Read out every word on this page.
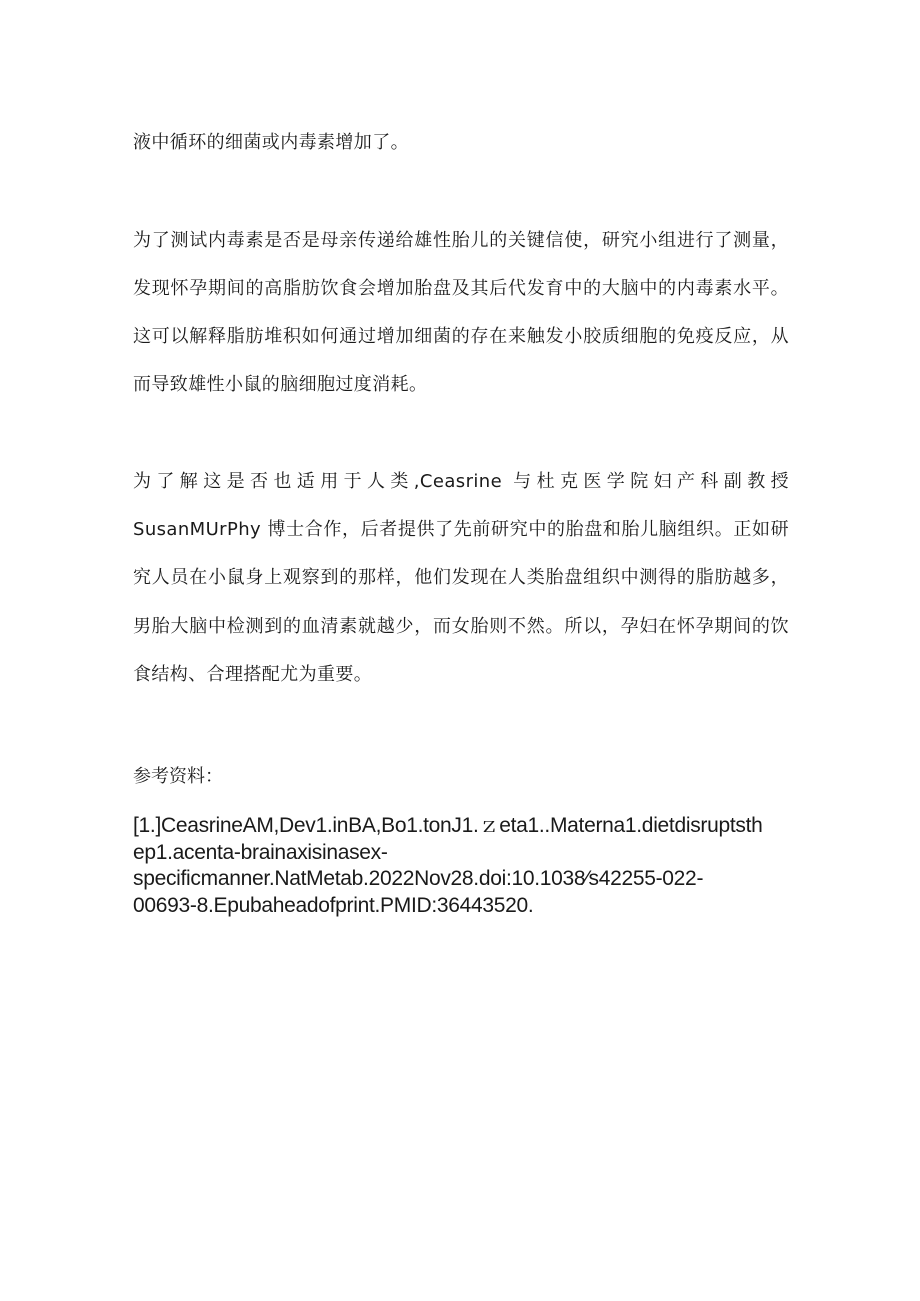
液中循环的细菌或内毒素增加了。
为了测试内毒素是否是母亲传递给雄性胎儿的关键信使，研究小组进行了测量，
发现怀孕期间的高脂肪饮食会增加胎盘及其后代发育中的大脑中的内毒素水平。
这可以解释脂肪堆积如何通过增加细菌的存在来触发小胶质细胞的免疫反应，从
而导致雄性小鼠的脑细胞过度消耗。
为了解这是否也适用于人类,Ceasrine 与杜克医学院妇产科副教授
SusanMUrPhy 博士合作，后者提供了先前研究中的胎盘和胎儿脑组织。正如研
究人员在小鼠身上观察到的那样，他们发现在人类胎盘组织中测得的脂肪越多，
男胎大脑中检测到的血清素就越少，而女胎则不然。所以，孕妇在怀孕期间的饮
食结构、合理搭配尤为重要。
参考资料：
[1.]CeasrineAM,Dev1.inBA,Bo1.tonJ1.ｚeta1..Materna1.dietdisruptsth
ep1.acenta-brainaxisinasex-
specificmanner.NatMetab.2022Nov28.doi:10.1038∕s42255-022-
00693-8.Epubaheadofprint.PMID:36443520.
